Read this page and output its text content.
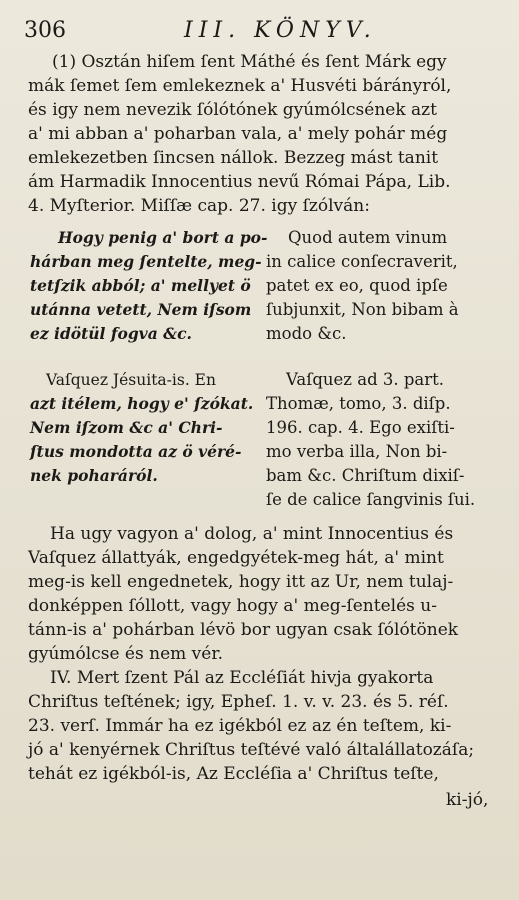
306	III. KÖNYV.
(1) Osztán hiſem ſent Máthé és ſent Márk egy
mák ſemet ſem emlekeznek a' Husvéti bárányról,
és igy nem nevezik ſólótónek gyúmólcsének azt
a' mi abban a' poharban vala, a' mely pohár még
emlekezetben ſincsen nállok. Bezzeg mást tanit
ám Harmadik Innocentius nevű Római Pápa, Lib.
4. Myſterior. Miſſæ cap. 27. igy ſzólván:
Hogy penig a' bort a po-
hárban meg ſentelte, meg-
tetſzik abból; a' mellyet ö
utánna vetett, Nem iſsom
ez idötül fogva &c.
Vaſquez Jésuita-is. En
azt itélem, hogy e' ſzókat.
Nem iſzom &c a' Chri-
ſtus mondotta az ö véré-
nek poharáról.
Quod autem vinum
in calice conſecraverit,
patet ex eo, quod ipſe
ſubjunxit, Non bibam à
modo &c.
Vaſquez ad 3. part.
Thomæ, tomo, 3. diſp.
196. cap. 4. Ego exiſti-
mo verba illa, Non bi-
bam &c. Chriſtum dixiſ-
ſe de calice ſangvinis ſui.
Ha ugy vagyon a' dolog, a' mint Innocentius és
Vaſquez állattyák, engedgyétek-meg hát, a' mint
meg-is kell engednetek, hogy itt az Ur, nem tulaj-
donképpen ſóllott, vagy hogy a' meg-ſentelés u-
tánn-is a' pohárban lévö bor ugyan csak ſólótönek
gyúmólcse és nem vér.
IV. Mert ſzent Pál az Eccléſiát hivja gyakorta
Chriſtus teſtének; igy, Epheſ. 1. v. v. 23. és 5. réſ.
23. verſ. Immár ha ez igékból ez az én teſtem, ki-
jó a' kenyérnek Chriſtus teſtévé való általállatozáſa;
tehát ez igékból-is, Az Eccléſia a' Chriſtus teſte,
ki-jó,
